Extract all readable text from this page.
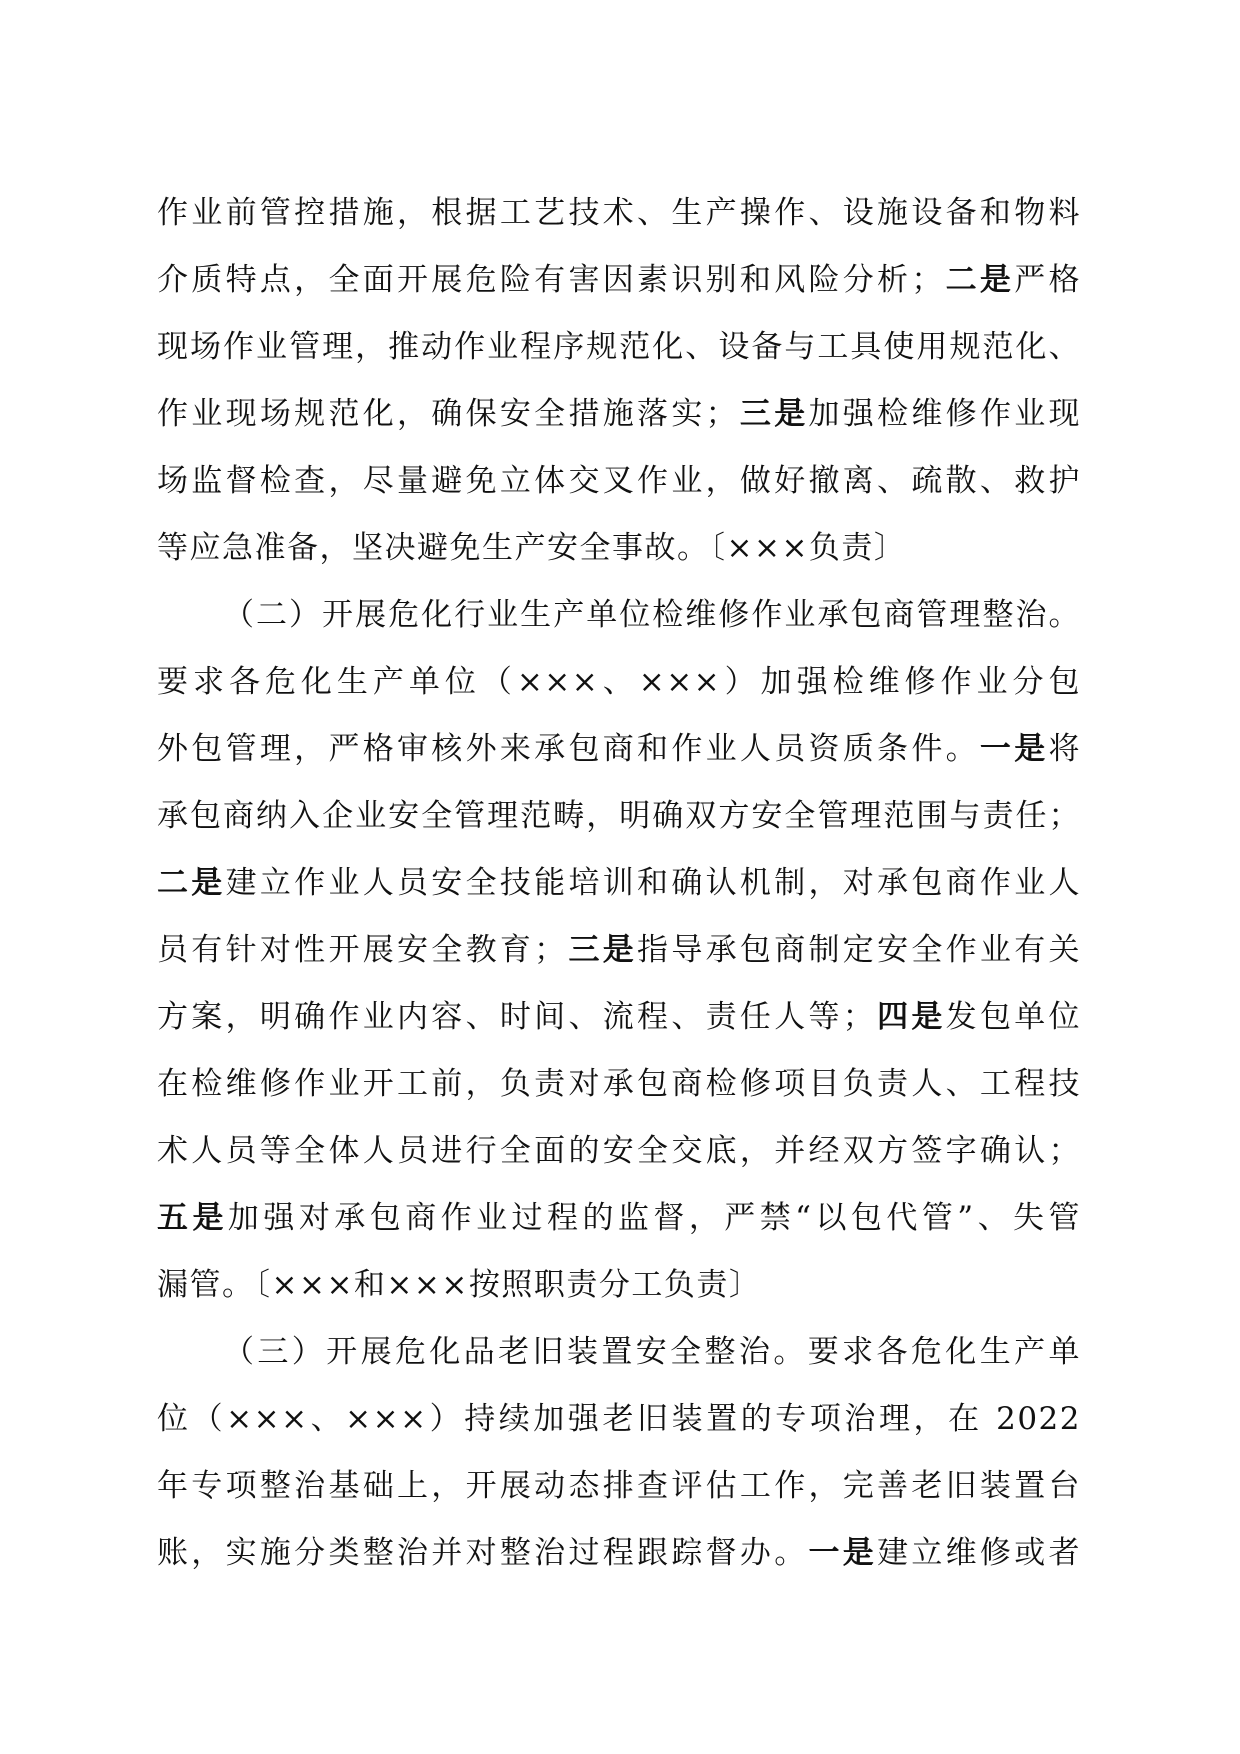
作业前管控措施，根据工艺技术、生产操作、设施设备和物料
介质特点，全面开展危险有害因素识别和风险分析；二是严格
现场作业管理，推动作业程序规范化、设备与工具使用规范化、
作业现场规范化，确保安全措施落实；三是加强检维修作业现
场监督检查，尽量避免立体交叉作业，做好撤离、疏散、救护
等应急准备，坚决避免生产安全事故。〔×××负责〕
（二）开展危化行业生产单位检维修作业承包商管理整治。
要求各危化生产单位（×××、×××）加强检维修作业分包
外包管理，严格审核外来承包商和作业人员资质条件。一是将
承包商纳入企业安全管理范畴，明确双方安全管理范围与责任；
二是建立作业人员安全技能培训和确认机制，对承包商作业人
员有针对性开展安全教育；三是指导承包商制定安全作业有关
方案，明确作业内容、时间、流程、责任人等；四是发包单位
在检维修作业开工前，负责对承包商检修项目负责人、工程技
术人员等全体人员进行全面的安全交底，并经双方签字确认；
五是加强对承包商作业过程的监督，严禁“以包代管”、失管
漏管。〔×××和×××按照职责分工负责〕
（三）开展危化品老旧装置安全整治。要求各危化生产单
位（×××、×××）持续加强老旧装置的专项治理，在 2022
年专项整治基础上，开展动态排查评估工作，完善老旧装置台
账，实施分类整治并对整治过程跟踪督办。一是建立维修或者
